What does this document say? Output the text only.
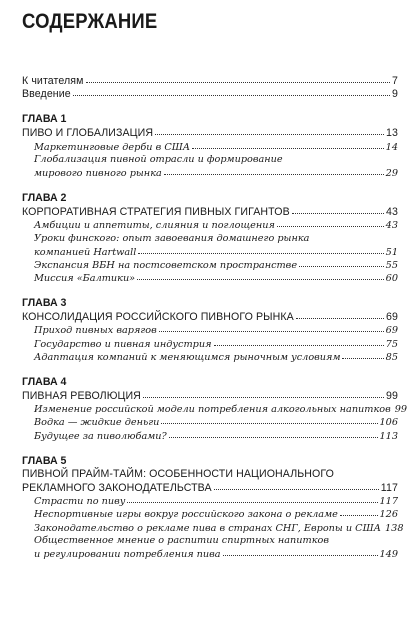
СОДЕРЖАНИЕ
К читателям	7
Введение	9
ГЛАВА 1
ПИВО И ГЛОБАЛИЗАЦИЯ	13
Маркетинговые дерби в США	14
Глобализация пивной отрасли и формирование
мирового пивного рынка	29
ГЛАВА 2
КОРПОРАТИВНАЯ СТРАТЕГИЯ ПИВНЫХ ГИГАНТОВ	43
Амбиции и аппетиты, слияния и поглощения	43
Уроки финского: опыт завоевания домашнего рынка
компанией Hartwall	51
Экспансия ВБН на постсоветском пространстве	55
Миссия «Балтики»	60
ГЛАВА 3
КОНСОЛИДАЦИЯ РОССИЙСКОГО ПИВНОГО РЫНКА	69
Приход пивных варягов	69
Государство и пивная индустрия	75
Адаптация компаний к меняющимся рыночным условиям	85
ГЛАВА 4
ПИВНАЯ РЕВОЛЮЦИЯ	99
Изменение российской модели потребления алкогольных напитков 99
Водка — жидкие деньги	106
Будущее за пиволюбами?	113
ГЛАВА 5
ПИВНОЙ ПРАЙМ-ТАЙМ: ОСОБЕННОСТИ НАЦИОНАЛЬНОГО
РЕКЛАМНОГО ЗАКОНОДАТЕЛЬСТВА	117
Страсти по пиву	117
Неспортивные игры вокруг российского закона о рекламе	126
Законодательство о рекламе пива в странах СНГ, Европы и США 138
Общественное мнение о распитии спиртных напитков
и регулировании потребления пива	149
